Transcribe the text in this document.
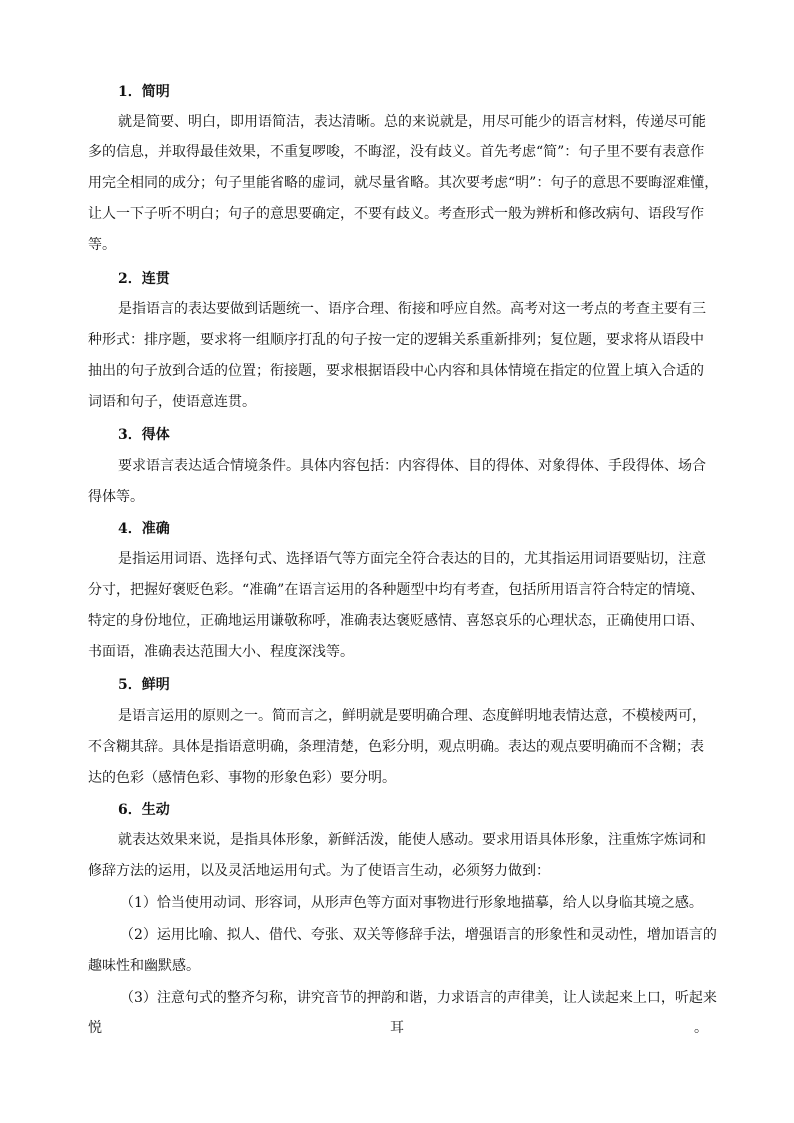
1．简明
就是简要、明白，即用语简洁，表达清晰。总的来说就是，用尽可能少的语言材料，传递尽可能
多的信息，并取得最佳效果，不重复啰唆，不晦涩，没有歧义。首先考虑“简”：句子里不要有表意作
用完全相同的成分；句子里能省略的虚词，就尽量省略。其次要考虑“明”：句子的意思不要晦涩难懂，
让人一下子听不明白；句子的意思要确定，不要有歧义。考查形式一般为辨析和修改病句、语段写作
等。
2．连贯
是指语言的表达要做到话题统一、语序合理、衔接和呼应自然。高考对这一考点的考查主要有三
种形式：排序题，要求将一组顺序打乱的句子按一定的逻辑关系重新排列；复位题，要求将从语段中
抽出的句子放到合适的位置；衔接题，要求根据语段中心内容和具体情境在指定的位置上填入合适的
词语和句子，使语意连贯。
3．得体
要求语言表达适合情境条件。具体内容包括：内容得体、目的得体、对象得体、手段得体、场合
得体等。
4．准确
是指运用词语、选择句式、选择语气等方面完全符合表达的目的，尤其指运用词语要贴切，注意
分寸，把握好褒贬色彩。“准确”在语言运用的各种题型中均有考查，包括所用语言符合特定的情境、
特定的身份地位，正确地运用谦敬称呼，准确表达褒贬感情、喜怒哀乐的心理状态，正确使用口语、
书面语，准确表达范围大小、程度深浅等。
5．鲜明
是语言运用的原则之一。简而言之，鲜明就是要明确合理、态度鲜明地表情达意，不模棱两可，
不含糊其辞。具体是指语意明确，条理清楚，色彩分明，观点明确。表达的观点要明确而不含糊；表
达的色彩（感情色彩、事物的形象色彩）要分明。
6．生动
就表达效果来说，是指具体形象，新鲜活泼，能使人感动。要求用语具体形象，注重炼字炼词和
修辞方法的运用，以及灵活地运用句式。为了使语言生动，必须努力做到：
（1）恰当使用动词、形容词，从形声色等方面对事物进行形象地描摹，给人以身临其境之感。
（2）运用比喻、拟人、借代、夸张、双关等修辞手法，增强语言的形象性和灵动性，增加语言的
趣味性和幽默感。
（3）注意句式的整齐匀称，讲究音节的押韵和谐，力求语言的声律美，让人读起来上口，听起来
悦	耳	。
